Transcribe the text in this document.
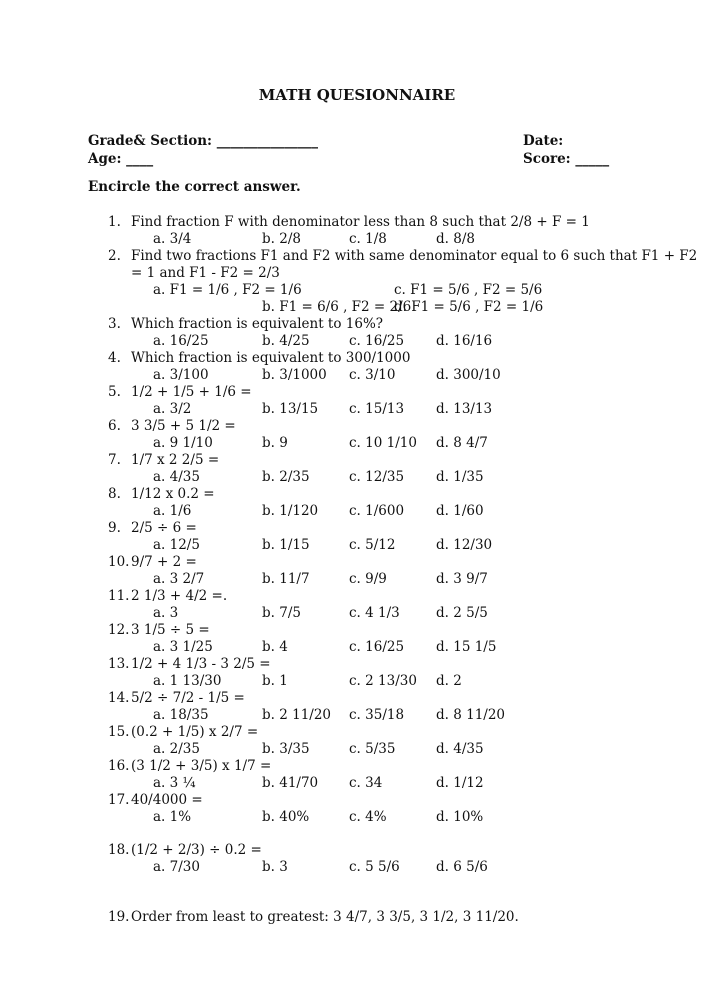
MATH QUESIONNAIRE
Grade& Section: _______________
Age: ____
Date:
Score: _____
Encircle the correct answer.
1. Find fraction F with denominator less than 8 such that 2/8 + F = 1
a. 3/4	b. 2/8	c. 1/8	d. 8/8
2. Find two fractions F1 and F2 with same denominator equal to 6 such that F1 + F2
= 1 and F1 - F2 = 2/3
a. F1 = 1/6 , F2 = 1/6	c. F1 = 5/6 , F2 = 5/6
b. F1 = 6/6 , F2 = 2/6
d. F1 = 5/6 , F2 = 1/6
3. Which fraction is equivalent to 16%?
a. 16/25	b. 4/25	c. 16/25 d. 16/16
4. Which fraction is equivalent to 300/1000
a. 3/100	b. 3/1000 c. 3/10	d. 300/10
5. 1/2 + 1/5 + 1/6 =
a. 3/2	b. 13/15 c. 15/13 d. 13/13
6. 3 3/5 + 5 1/2 =
a. 9 1/10	b. 9	c. 10 1/10 d. 8 4/7
7. 1/7 x 2 2/5 =
a. 4/35	b. 2/35	c. 12/35 d. 1/35
8. 1/12 x 0.2 =
a. 1/6	b. 1/120 c. 1/600 d. 1/60
9. 2/5 ÷ 6 =
a. 12/5	b. 1/15	c. 5/12	d. 12/30
10. 9/7 + 2 =
a. 3 2/7	b. 11/7	c. 9/9	d. 3 9/7
11. 2 1/3 + 4/2 =.
a. 3	b. 7/5	c. 4 1/3	d. 2 5/5
12. 3 1/5 ÷ 5 =
a. 3 1/25	b. 4	c. 16/25 d. 15 1/5
13. 1/2 + 4 1/3 - 3 2/5 =
a. 1 13/30	b. 1	c. 2 13/30 d. 2
14. 5/2 ÷ 7/2 - 1/5 =
a. 18/35	b. 2 11/20 c. 35/18 d. 8 11/20
15. (0.2 + 1/5) x 2/7 =
a. 2/35	b. 3/35	c. 5/35	d. 4/35
16. (3 1/2 + 3/5) x 1/7 =
a. 3 ¼	b. 41/70 c. 34	d. 1/12
17. 40/4000 =
a. 1%	b. 40%	c. 4%	d. 10%
18. (1/2 + 2/3) ÷ 0.2 =
a. 7/30	b. 3	c. 5 5/6	d. 6 5/6
19. Order from least to greatest: 3 4/7, 3 3/5, 3 1/2, 3 11/20.
